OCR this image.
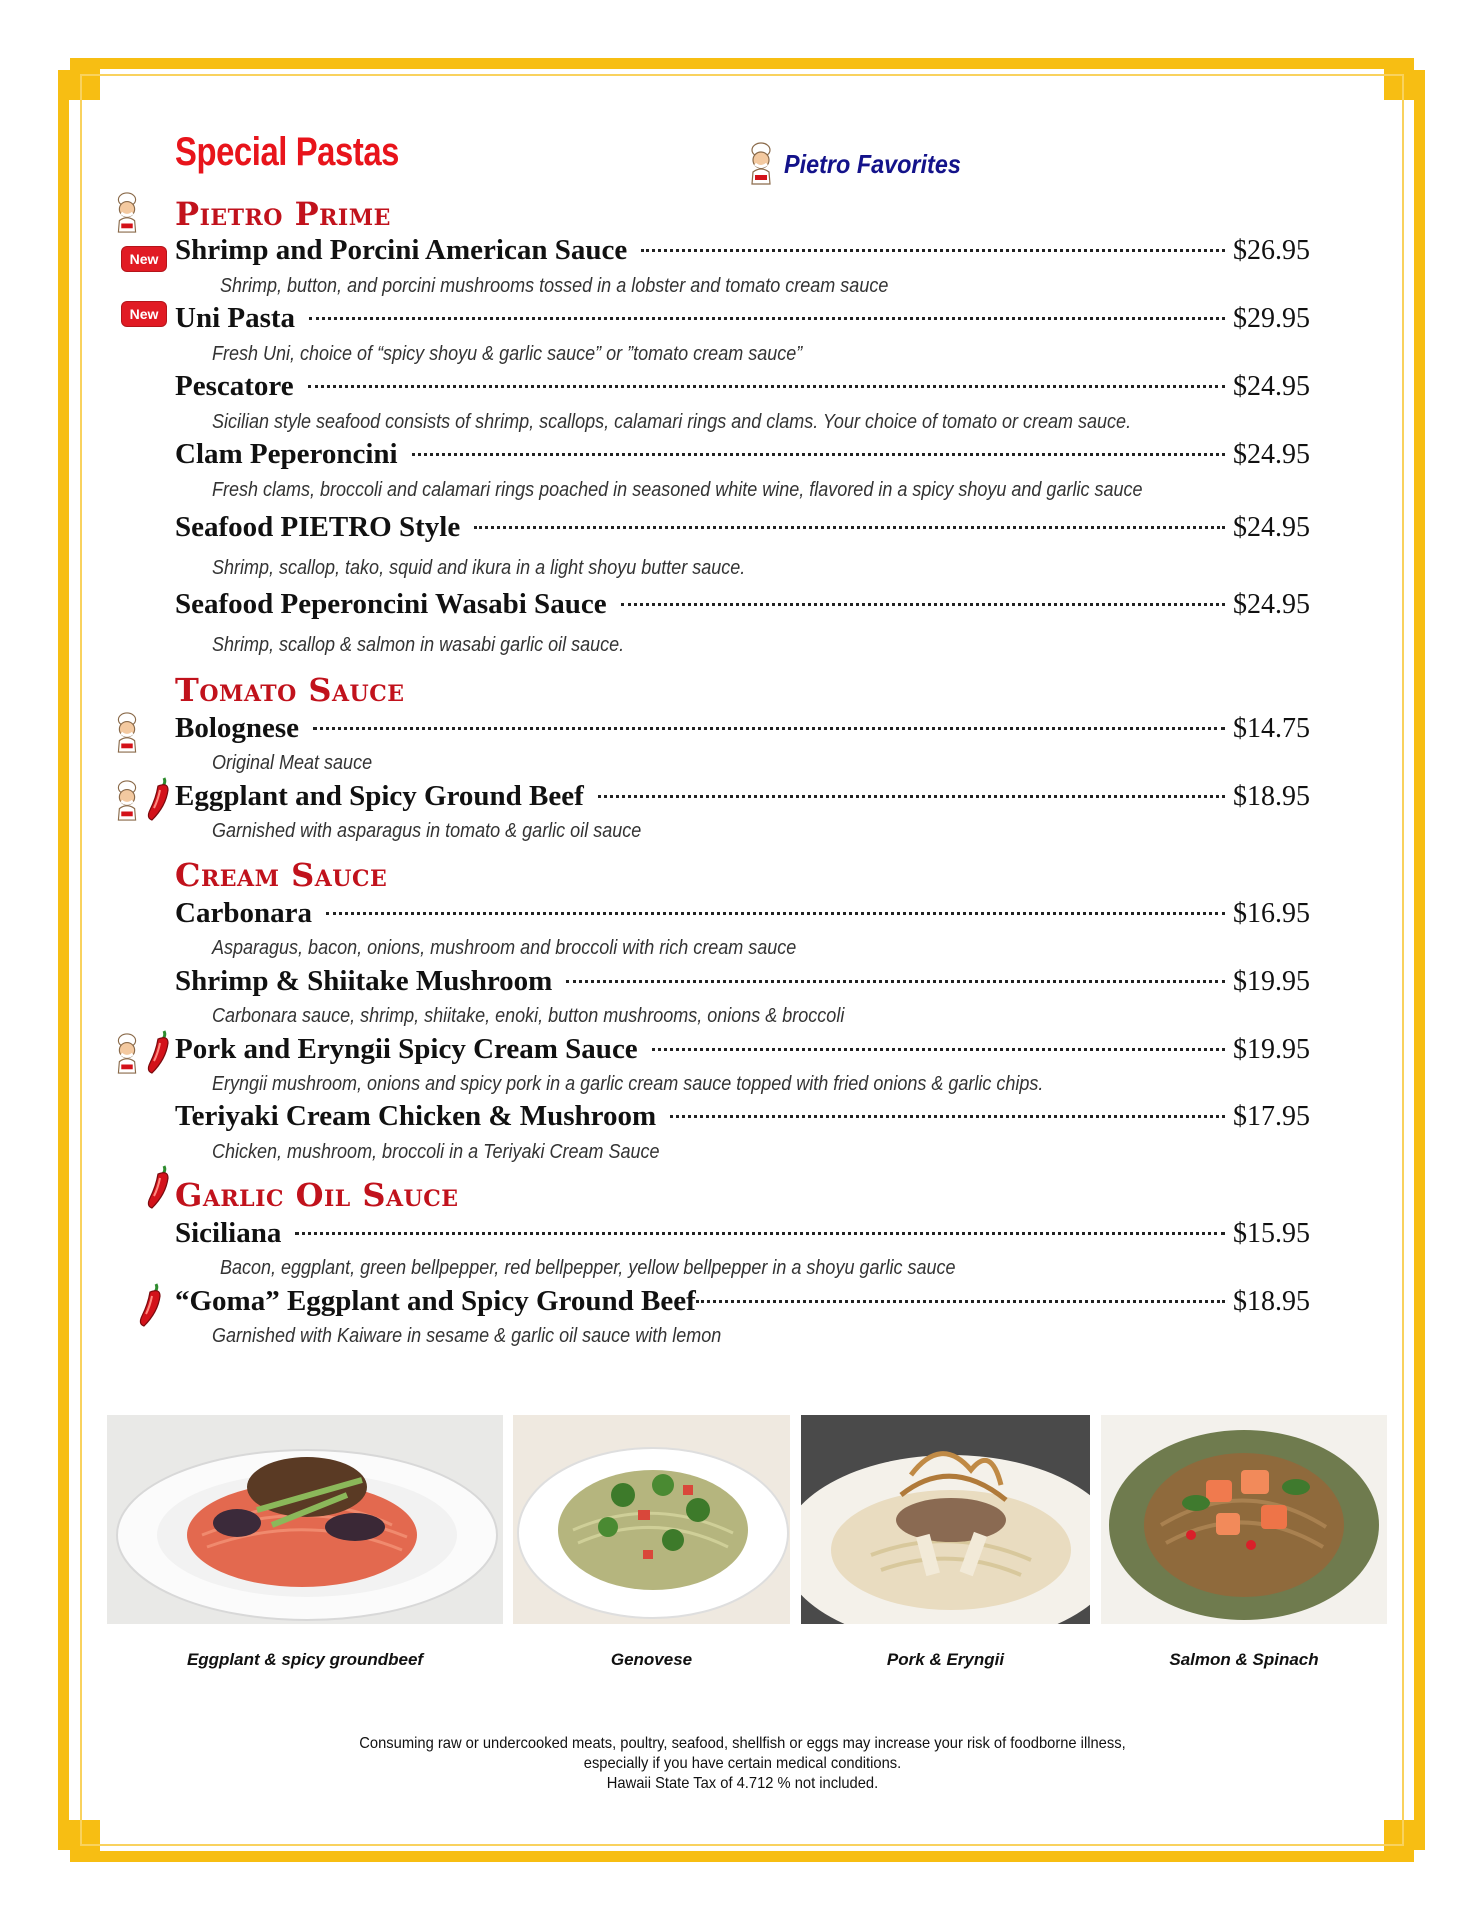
Special Pastas	Pietro Favorites
Pietro Prime
New Shrimp and Porcini American Sauce	$26.95
Shrimp, button, and porcini mushrooms tossed in a lobster and tomato cream sauce
New Uni Pasta	$29.95
Fresh Uni, choice of “spicy shoyu & garlic sauce” or ”tomato cream sauce”
Pescatore	$24.95
Sicilian style seafood consists of shrimp, scallops, calamari rings and clams. Your choice of tomato or cream sauce.
Clam Peperoncini	$24.95
Fresh clams, broccoli and calamari rings poached in seasoned white wine, flavored in a spicy shoyu and garlic sauce
Seafood PIETRO Style	$24.95
Shrimp, scallop, tako, squid and ikura in a light shoyu butter sauce.
Seafood Peperoncini Wasabi Sauce	$24.95
Shrimp, scallop & salmon in wasabi garlic oil sauce.
Tomato Sauce
Bolognese	$14.75
Original Meat sauce
Eggplant and Spicy Ground Beef	$18.95
Garnished with asparagus in tomato & garlic oil sauce
Cream Sauce
Carbonara	$16.95
Asparagus, bacon, onions, mushroom and broccoli with rich cream sauce
Shrimp & Shiitake Mushroom	$19.95
Carbonara sauce, shrimp, shiitake, enoki, button mushrooms, onions & broccoli
Pork and Eryngii Spicy Cream Sauce	$19.95
Eryngii mushroom, onions and spicy pork in a garlic cream sauce topped with fried onions & garlic chips.
Teriyaki Cream Chicken & Mushroom	$17.95
Chicken, mushroom, broccoli in a Teriyaki Cream Sauce
Garlic Oil Sauce
Siciliana	$15.95
Bacon, eggplant, green bellpepper, red bellpepper, yellow bellpepper in a shoyu garlic sauce
“Goma” Eggplant and Spicy Ground Beef	$18.95
Garnished with Kaiware in sesame & garlic oil sauce with lemon
Eggplant & spicy groundbeef	Genovese	Pork & Eryngii	Salmon & Spinach
Consuming raw or undercooked meats, poultry, seafood, shellfish or eggs may increase your risk of foodborne illness,
especially if you have certain medical conditions.
Hawaii State Tax of 4.712 % not included.
